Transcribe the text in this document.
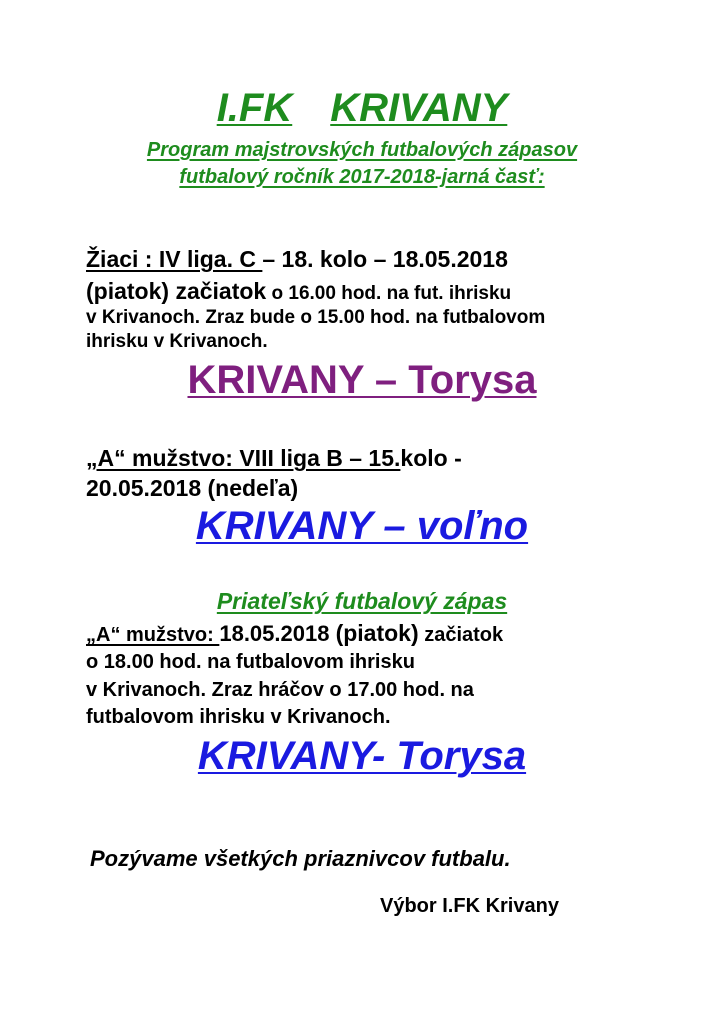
I.FK KRIVANY
Program majstrovských futbalových zápasov
futbalový ročník 2017-2018-jarná časť:
Žiaci : IV liga. C – 18. kolo – 18.05.2018
(piatok) začiatok o 16.00 hod. na fut. ihrisku
v Krivanoch. Zraz bude o 15.00 hod. na futbalovom
ihrisku v Krivanoch.
KRIVANY – Torysa
„A“ mužstvo: VIII liga B – 15.kolo -
20.05.2018 (nedeľa)
KRIVANY – voľno
Priateľský futbalový zápas
„A“ mužstvo: 18.05.2018 (piatok) začiatok
o 18.00 hod. na futbalovom ihrisku
v Krivanoch. Zraz hráčov o 17.00 hod. na
futbalovom ihrisku v Krivanoch.
KRIVANY- Torysa
Pozývame všetkých priaznivcov futbalu.
Výbor I.FK Krivany
